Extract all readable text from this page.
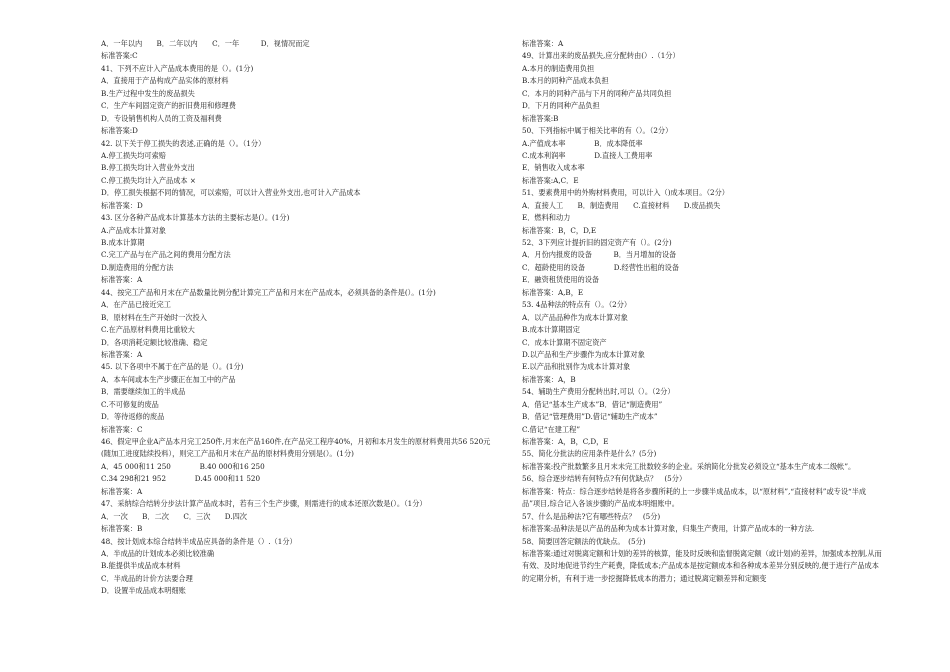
A．一年以内　　B．二年以内　　C．一年　　　D．视情况而定
标准答案:C
41、下列不应计入产品成本费用的是（）。(1分)
A．直接用于产品构成产品实体的原材料
B.生产过程中发生的废品损失
C．生产车间固定资产的折旧费用和修理费
D．专设销售机构人员的工资及福利费
标准答案:D
42. 以下关于停工损失的表述,正确的是（）。（1分）
A.停工损失均可索赔
B.停工损失均计入营业外支出
C.停工损失均计入产品成本 ×
D．停工损失根据不同的情况，可以索赔，可以计入营业外支出,也可计入产品成本
标准答案：D
43. 区分各种产品成本计算基本方法的主要标志是(）。(1分)
A.产品成本计算对象
B.成本计算期
C.完工产品与在产品之间的费用分配方法
D.制造费用的分配方法
标准答案：A
44、按完工产品和月末在产品数量比例分配计算完工产品和月末在产品成本，必须具备的条件是(）。(1分)
A．在产品已接近完工
B．原材料在生产开始时一次投入
C.在产品原材料费用比重较大
D．各项消耗定额比较准确、稳定
标准答案：A
45. 以下各项中不属于在产品的是（）。(1分)
A．本车间或本生产步骤正在加工中的产品
B．需要继续加工的半成品
C.不可修复的废品
D．等待返修的废品
标准答案：C
46、假定甲企业A产品本月完工250件,月末在产品160件,在产品完工程序40%，月初和本月发生的原材料费用共56 520元(随加工进度陆续投料），则完工产品和月末在产品的原材料费用分别是(）。(1分)
A．45 000和11 250　　　　B.40 000和16 250
C.34 298和21 952　　　　D.45 000和11 520
标准答案：A
47、采纳综合结转分步法计算产品成本时，若有三个生产步骤，则需进行的成本还原次数是(）。（1分）
A．一次　　B．二次　　C．三次　　D.四次
标准答案：B
48、按计划成本综合结转半成品应具备的条件是（）.（1分）
A．半成品的计划成本必须比较准确
B.能提供半成品成本材料
C．半成品的计价方法要合理
D．设置半成品成本明细账
标准答案：A
49、计算出来的废品损失,应分配转由(）.（1分）
A.本月的制造费用负担
B.本月的同种产品成本负担
C．本月的同种产品与下月的同种产品共同负担
D．下月的同种产品负担
标准答案:B
50、下列指标中属于相关比率的有（）。（2分）
A.产值成本率　　　　B．成本降低率
C.成本利润率　　　　D.直接人工费用率
E．销售收入成本率
标准答案:A,C．E
51、要素费用中的外购材料费用，可以计入（)成本项目。（2分）
A．直接人工　　B．制造费用　　C.直接材料　　D.废品损失
E．燃料和动力
标准答案：B，C，D,E
52、3下列应计提折旧的固定资产有（）。(2分)
A．月份内报废的设备　　　B．当月增加的设备
C．超龄使用的设备　　　　D.经营性出租的设备
E．融资租赁使用的设备
标准答案：A,B，E
53. 4品种法的特点有（）。（2分）
A．以产品品种作为成本计算对象
B.成本计算期固定
C．成本计算期不固定资产
D.以产品和生产步骤作为成本计算对象
E.以产品和批别作为成本计算对象
标准答案：A，B
54、辅助生产费用分配转出时,可以（）。（2分）
A．借记“基本生产成本”B．借记“制造费用”
B．借记“管理费用”D.借记“辅助生产成本”
C.借记“在建工程”
标准答案：A，B，C,D，E
55、简化分批法的应用条件是什么？(5分)
标准答案:投产批数繁多且月末未完工批数较多的企业。采纳简化分批发必须设立“基本生产成本二级帐”。
56、综合逐步结转有何特点?有何优缺点？　(5分）
标准答案：特点：综合逐步结转是将各步骤所耗的上一步骤半成品成本，以“原材料”,“直接材料”或专设“半成品”项目,综合记入各该步骤的产品成本明细账中。
57、什么是品种法?它有哪些特点？　(5分)
标准答案:品种法是以产品的品种为成本计算对象，归集生产费用，计算产品成本的一种方法.
58、简要回答定额法的优缺点。　(5分)
标准答案:通过对脱离定额和计划的差异的核算，能及时反映和监督脱离定额（或计划)的差异，加强成本控制,从而有效、及时地促进节约生产耗费，降低成本;产品成本是按定额成本和各种成本差异分别反映的,便于进行产品成本的定期分析，有利于进一步挖掘降低成本的潜力；通过脱离定额差异和定额变
